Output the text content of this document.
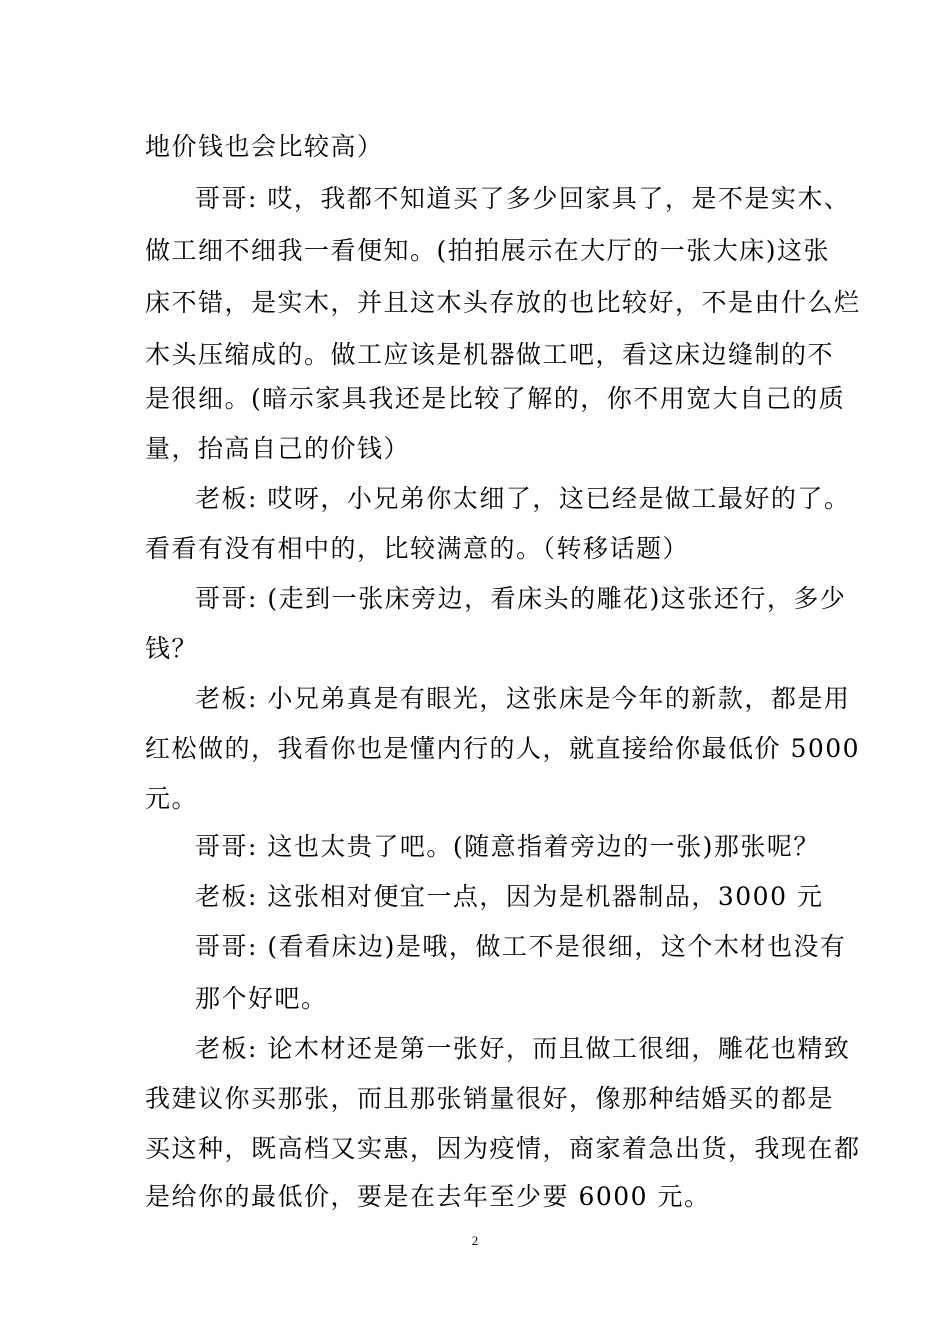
地价钱也会比较高）
哥哥: 哎，我都不知道买了多少回家具了，是不是实木、
做工细不细我一看便知。(拍拍展示在大厅的一张大床)这张
床不错，是实木，并且这木头存放的也比较好，不是由什么烂
木头压缩成的。做工应该是机器做工吧，看这床边缝制的不
是很细。(暗示家具我还是比较了解的，你不用宽大自己的质
量，抬高自己的价钱）
老板: 哎呀，小兄弟你太细了，这已经是做工最好的了。
看看有没有相中的，比较满意的。（转移话题）
哥哥: (走到一张床旁边，看床头的雕花)这张还行，多少
钱？
老板: 小兄弟真是有眼光，这张床是今年的新款，都是用
红松做的，我看你也是懂内行的人，就直接给你最低价 5000
元。
哥哥: 这也太贵了吧。(随意指着旁边的一张)那张呢？
老板: 这张相对便宜一点，因为是机器制品，3000 元
哥哥: (看看床边)是哦，做工不是很细，这个木材也没有
那个好吧。
老板: 论木材还是第一张好，而且做工很细，雕花也精致
我建议你买那张，而且那张销量很好，像那种结婚买的都是
买这种，既高档又实惠，因为疫情，商家着急出货，我现在都
是给你的最低价，要是在去年至少要 6000 元。
2
